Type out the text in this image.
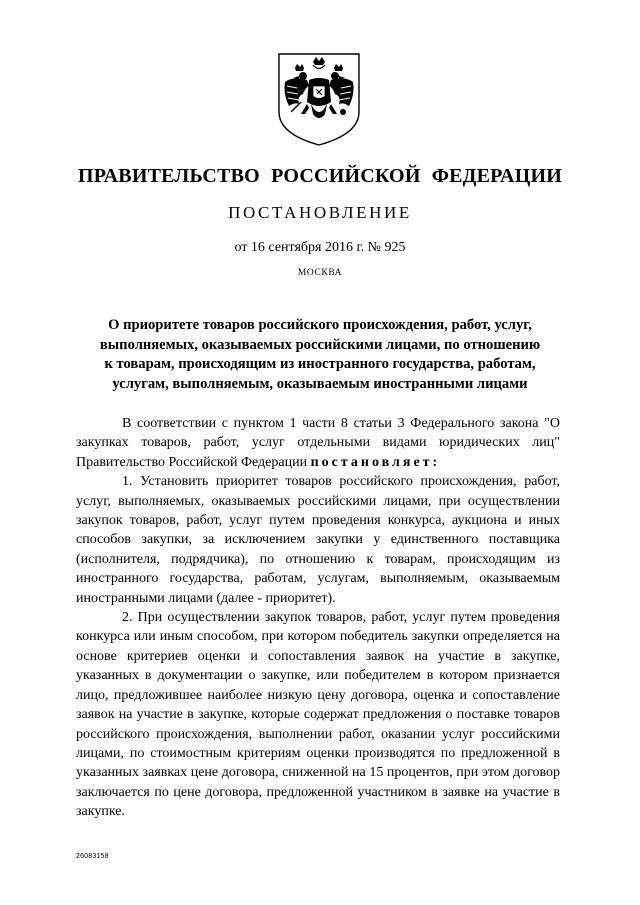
ПРАВИТЕЛЬСТВО РОССИЙСКОЙ ФЕДЕРАЦИИ
ПОСТАНОВЛЕНИЕ
от 16 сентября 2016 г. № 925
МОСКВА
О приоритете товаров российского происхождения, работ, услуг,
выполняемых, оказываемых российскими лицами, по отношению
к товарам, происходящим из иностранного государства, работам,
услугам, выполняемым, оказываемым иностранными лицами

В соответствии с пунктом 1 части 8 статьи 3 Федерального закона "О закупках товаров, работ, услуг отдельными видами юридических лиц" Правительство Российской Федерации постановляет:

1. Установить приоритет товаров российского происхождения, работ, услуг, выполняемых, оказываемых российскими лицами, при осуществлении закупок товаров, работ, услуг путем проведения конкурса, аукциона и иных способов закупки, за исключением закупки у единственного поставщика (исполнителя, подрядчика), по отношению к товарам, происходящим из иностранного государства, работам, услугам, выполняемым, оказываемым иностранными лицами (далее - приоритет).

2. При осуществлении закупок товаров, работ, услуг путем проведения конкурса или иным способом, при котором победитель закупки определяется на основе критериев оценки и сопоставления заявок на участие в закупке, указанных в документации о закупке, или победителем в котором признается лицо, предложившее наиболее низкую цену договора, оценка и сопоставление заявок на участие в закупке, которые содержат предложения о поставке товаров российского происхождения, выполнении работ, оказании услуг российскими лицами, по стоимостным критериям оценки производятся по предложенной в указанных заявках цене договора, сниженной на 15 процентов, при этом договор заключается по цене договора, предложенной участником в заявке на участие в закупке.

26083158
